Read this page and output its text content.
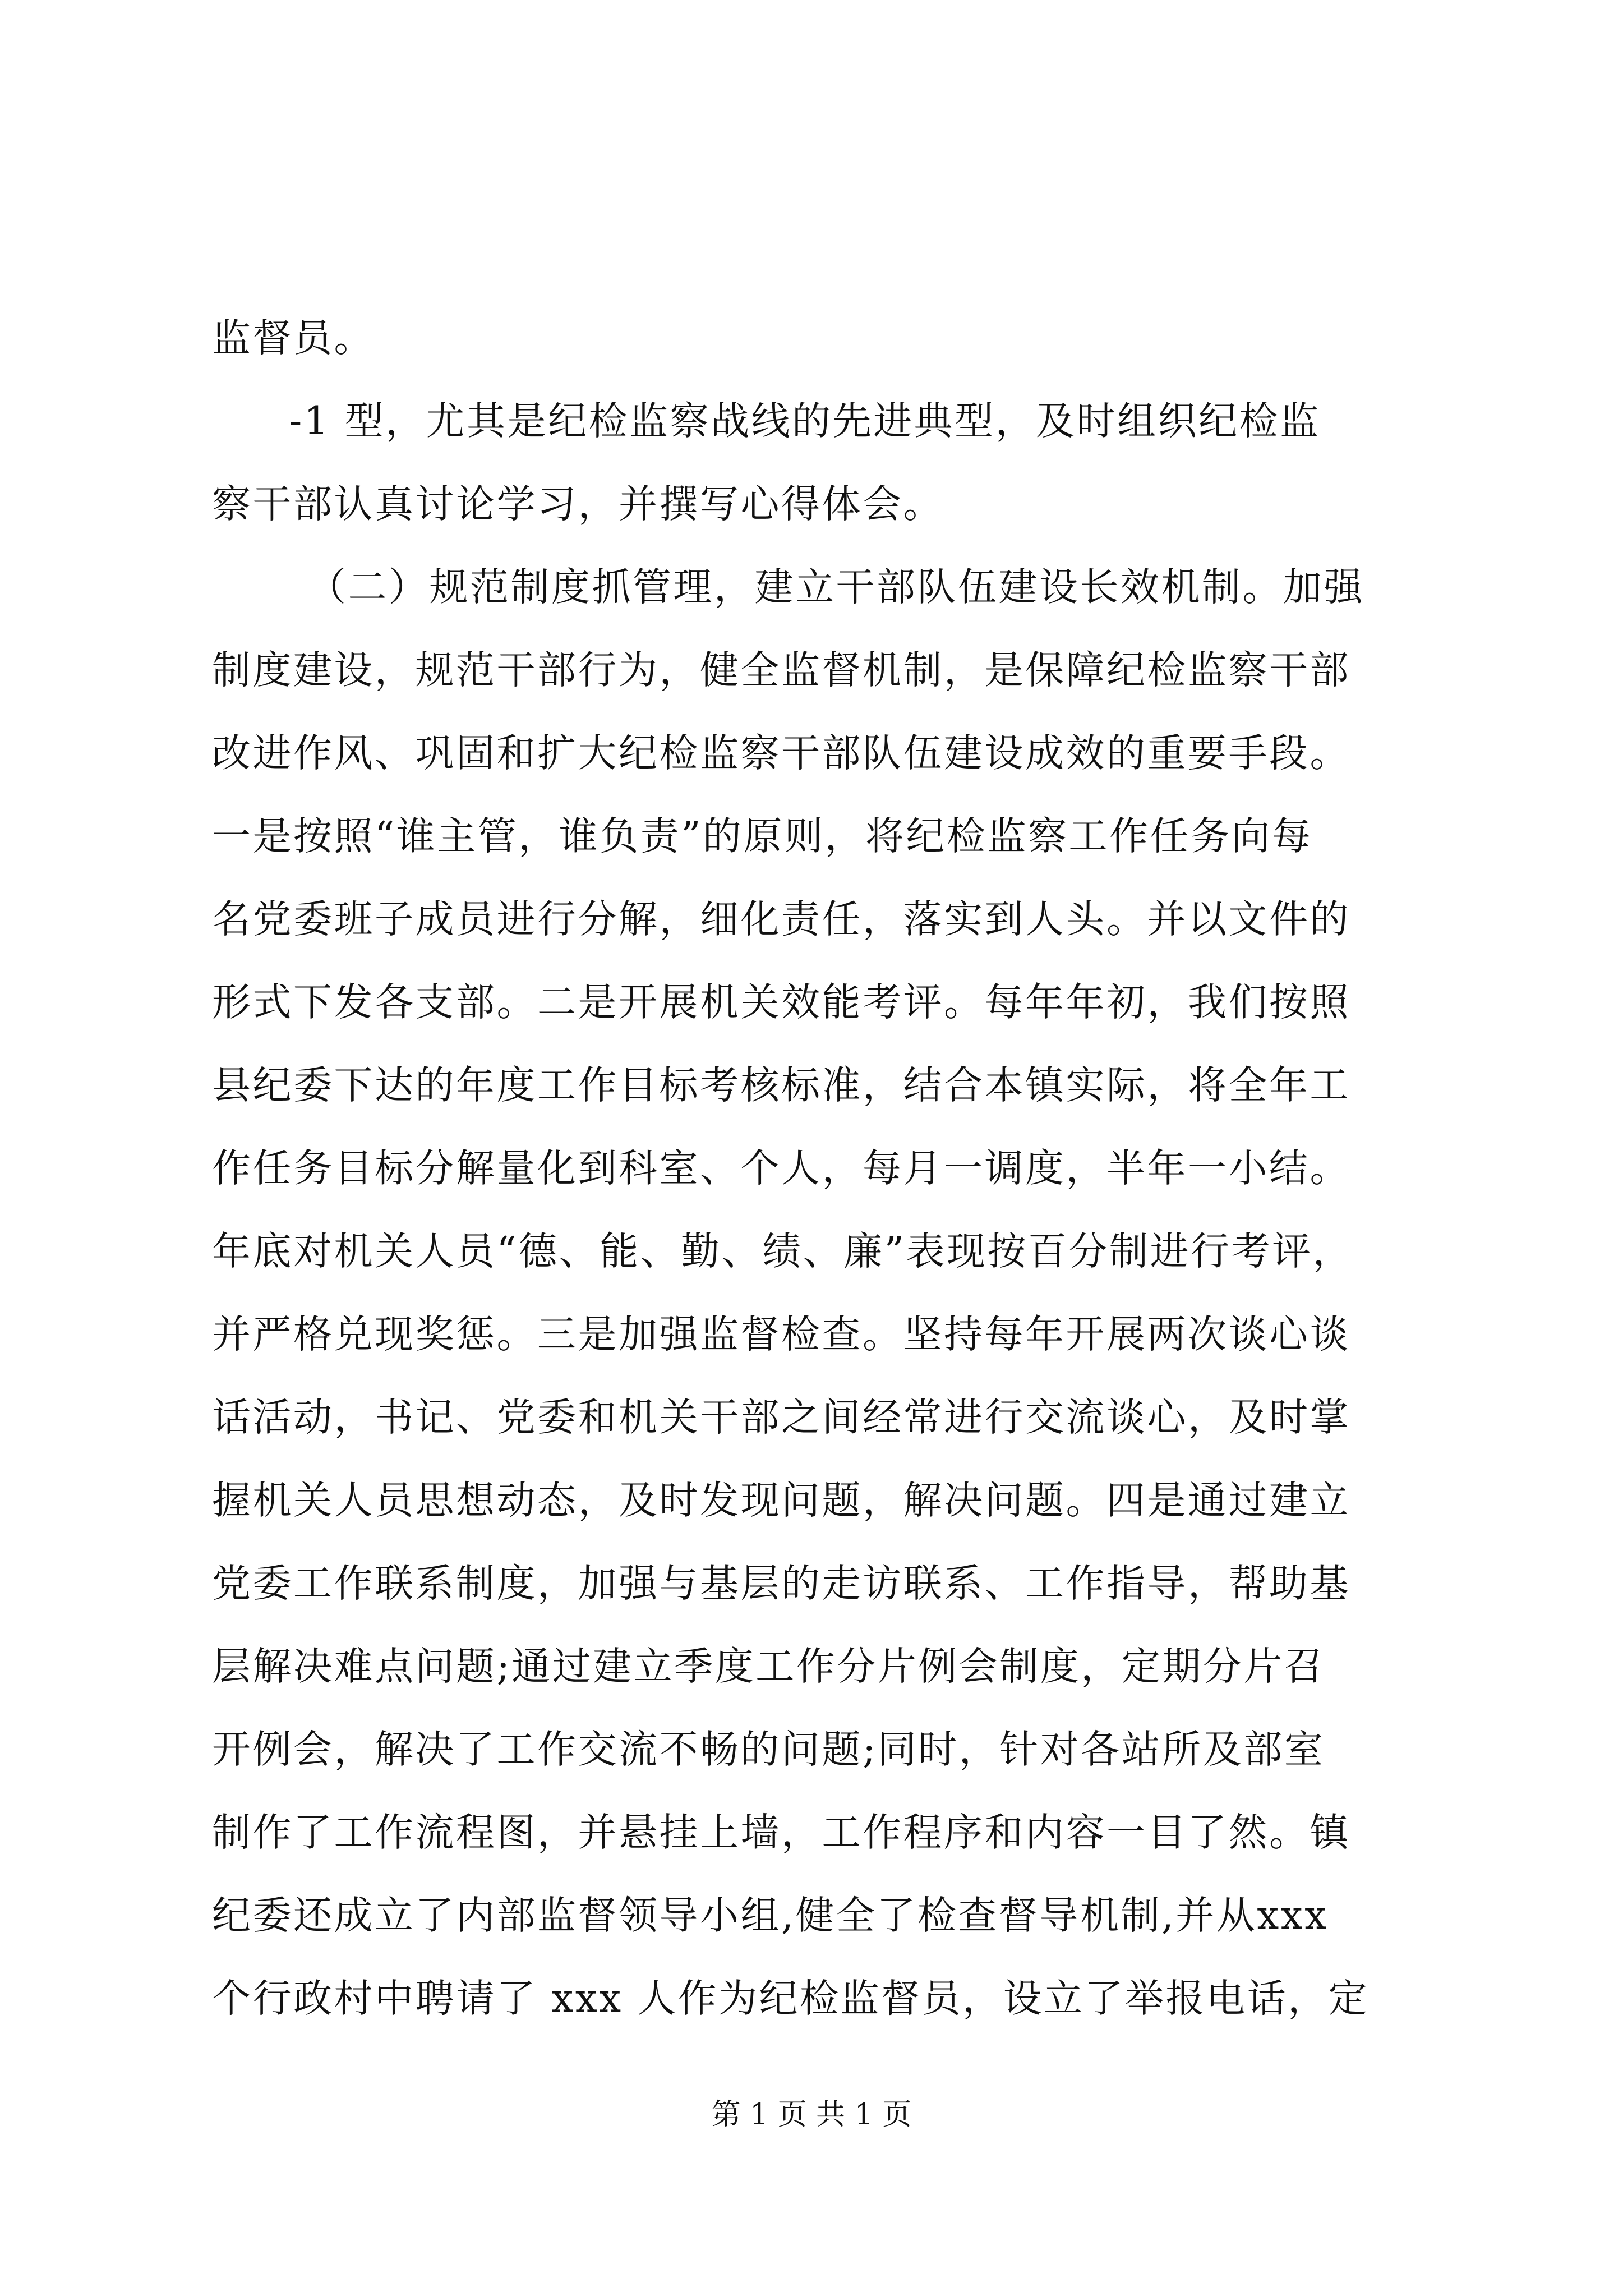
监督员。
-1 型，尤其是纪检监察战线的先进典型，及时组织纪检监
察干部认真讨论学习，并撰写心得体会。
（二）规范制度抓管理，建立干部队伍建设长效机制。加强
制度建设，规范干部行为，健全监督机制，是保障纪检监察干部
改进作风、巩固和扩大纪检监察干部队伍建设成效的重要手段。
一是按照“谁主管，谁负责”的原则，将纪检监察工作任务向每
名党委班子成员进行分解，细化责任，落实到人头。并以文件的
形式下发各支部。二是开展机关效能考评。每年年初，我们按照
县纪委下达的年度工作目标考核标准，结合本镇实际，将全年工
作任务目标分解量化到科室、个人，每月一调度，半年一小结。
年底对机关人员“德、能、勤、绩、廉”表现按百分制进行考评，
并严格兑现奖惩。三是加强监督检查。坚持每年开展两次谈心谈
话活动，书记、党委和机关干部之间经常进行交流谈心，及时掌
握机关人员思想动态，及时发现问题，解决问题。四是通过建立
党委工作联系制度，加强与基层的走访联系、工作指导，帮助基
层解决难点问题;通过建立季度工作分片例会制度，定期分片召
开例会，解决了工作交流不畅的问题;同时，针对各站所及部室
制作了工作流程图，并悬挂上墙，工作程序和内容一目了然。镇
纪委还成立了内部监督领导小组,健全了检查督导机制,并从xxx
个行政村中聘请了 xxx 人作为纪检监督员，设立了举报电话，定
第 1 页 共 1 页
